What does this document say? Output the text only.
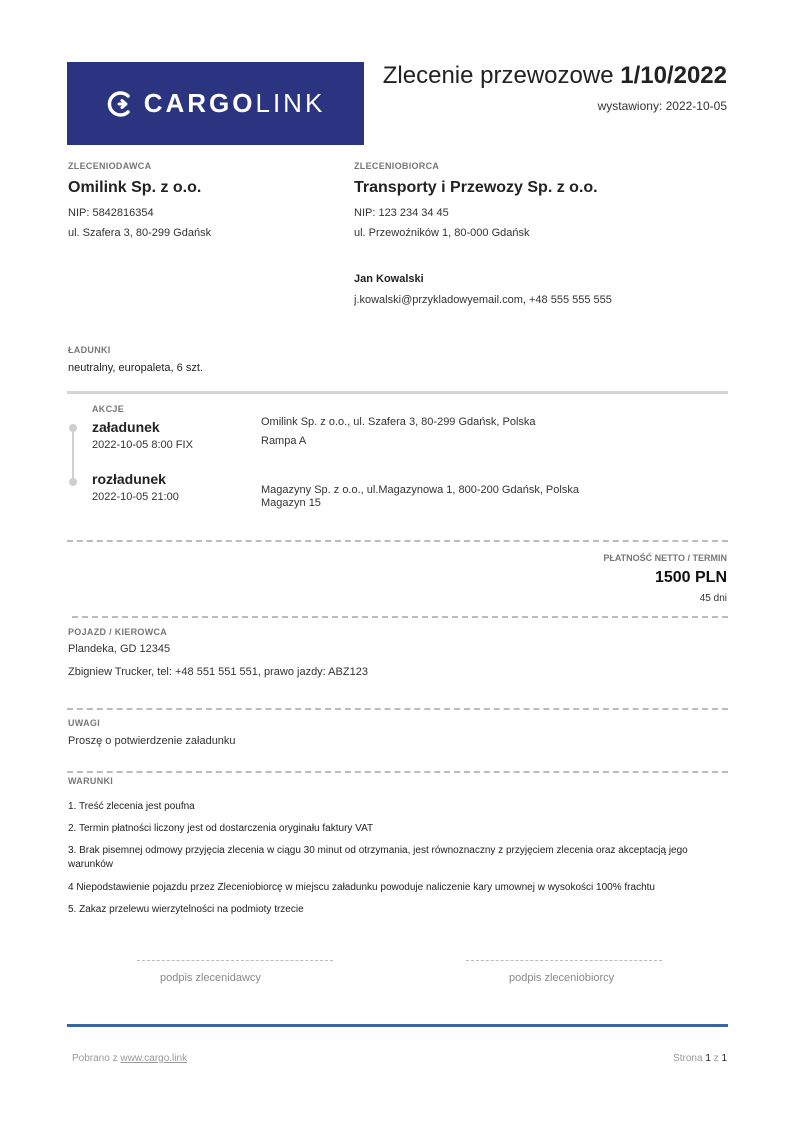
CARGO LINK
Zlecenie przewozowe 1/10/2022
wystawiony: 2022-10-05
ZLECENIODAWCA
Omilink Sp. z o.o.
NIP: 5842816354
ul. Szafera 3, 80-299 Gdańsk
ZLECENIOBIORCA
Transporty i Przewozy Sp. z o.o.
NIP: 123 234 34 45
ul. Przewoźników 1, 80-000 Gdańsk
Jan Kowalski
j.kowalski@przykladowyemail.com, +48 555 555 555
ŁADUNKI
neutralny, europaleta, 6 szt.
AKCJE
załadunek
2022-10-05 8:00 FIX
Omilink Sp. z o.o., ul. Szafera 3, 80-299 Gdańsk, Polska
Rampa A
rozładunek
2022-10-05 21:00
Magazyny Sp. z o.o., ul.Magazynowa 1, 800-200 Gdańsk, Polska
Magazyn 15
PŁATNOŚĆ NETTO / TERMIN
1500 PLN
45 dni
POJAZD / KIEROWCA
Plandeka, GD 12345
Zbigniew Trucker, tel: +48 551 551 551, prawo jazdy: ABZ123
UWAGI
Proszę o potwierdzenie załadunku
WARUNKI
1. Treść zlecenia jest poufna
2. Termin płatności liczony jest od dostarczenia oryginału faktury VAT
3. Brak pisemnej odmowy przyjęcia zlecenia w ciągu 30 minut od otrzymania, jest równoznaczny z przyjęciem zlecenia oraz akceptacją jego warunków
4 Niepodstawienie pojazdu przez Zleceniobiorcę w miejscu załadunku powoduje naliczenie kary umownej w wysokości 100% frachtu
5. Zakaz przelewu wierzytelności na podmioty trzecie
podpis zlecenidawcy	podpis zleceniobiorcy
Pobrano z www.cargo.link	Strona 1 z 1
